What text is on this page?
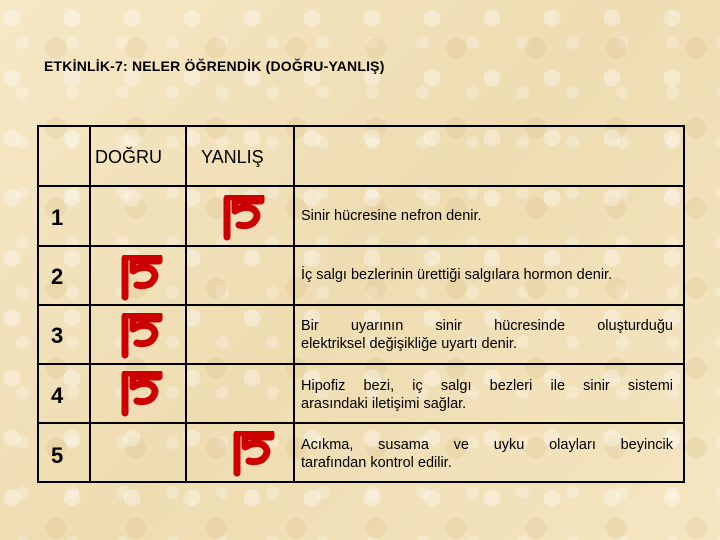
ETKİNLİK-7: NELER ÖĞRENDİK (DOĞRU-YANLIŞ)
DOĞRU YANLIŞ
1	Sinir hücresine nefron denir.
2	İç salgı bezlerinin ürettiği salgılara hormon denir.
3	Bir uyarının sinir hücresinde oluşturduğu
elektriksel değişikliğe uyartı denir.
4	Hipofiz bezi, iç salgı bezleri ile sinir sistemi
arasındaki iletişimi sağlar.
5	Acıkma, susama ve uyku olayları beyincik
tarafından kontrol edilir.
